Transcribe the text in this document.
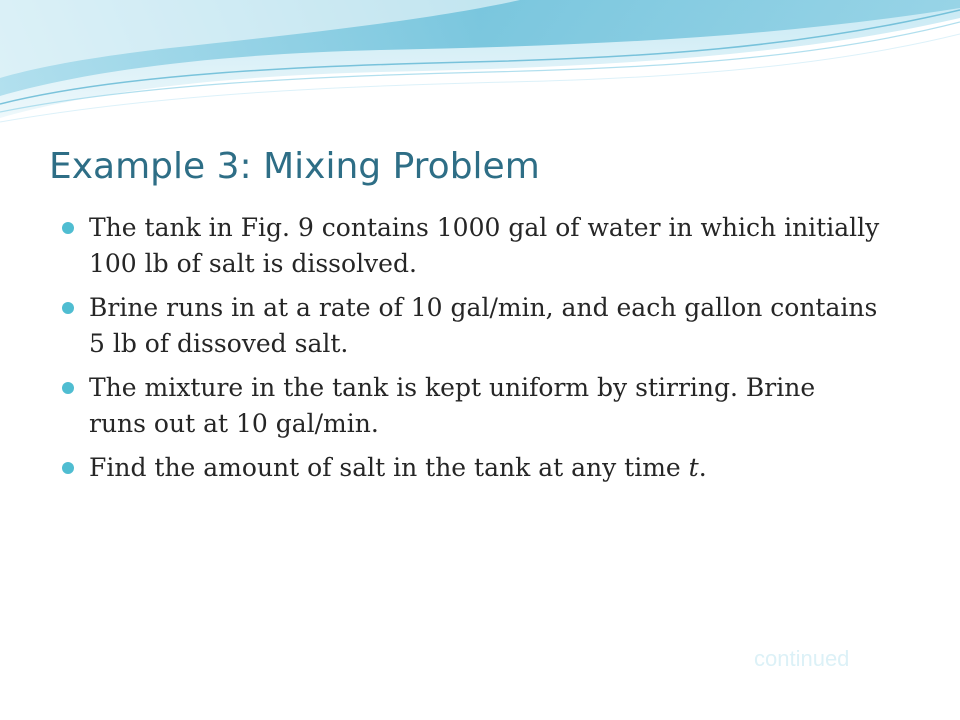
Example 3: Mixing Problem
The tank in Fig. 9 contains 1000 gal of water in which initially 100 lb of salt is dissolved.
Brine runs in at a rate of 10 gal/min, and each gallon contains 5 lb of dissoved salt.
The mixture in the tank is kept uniform by stirring. Brine runs out at 10 gal/min.
Find the amount of salt in the tank at any time t.
continued
